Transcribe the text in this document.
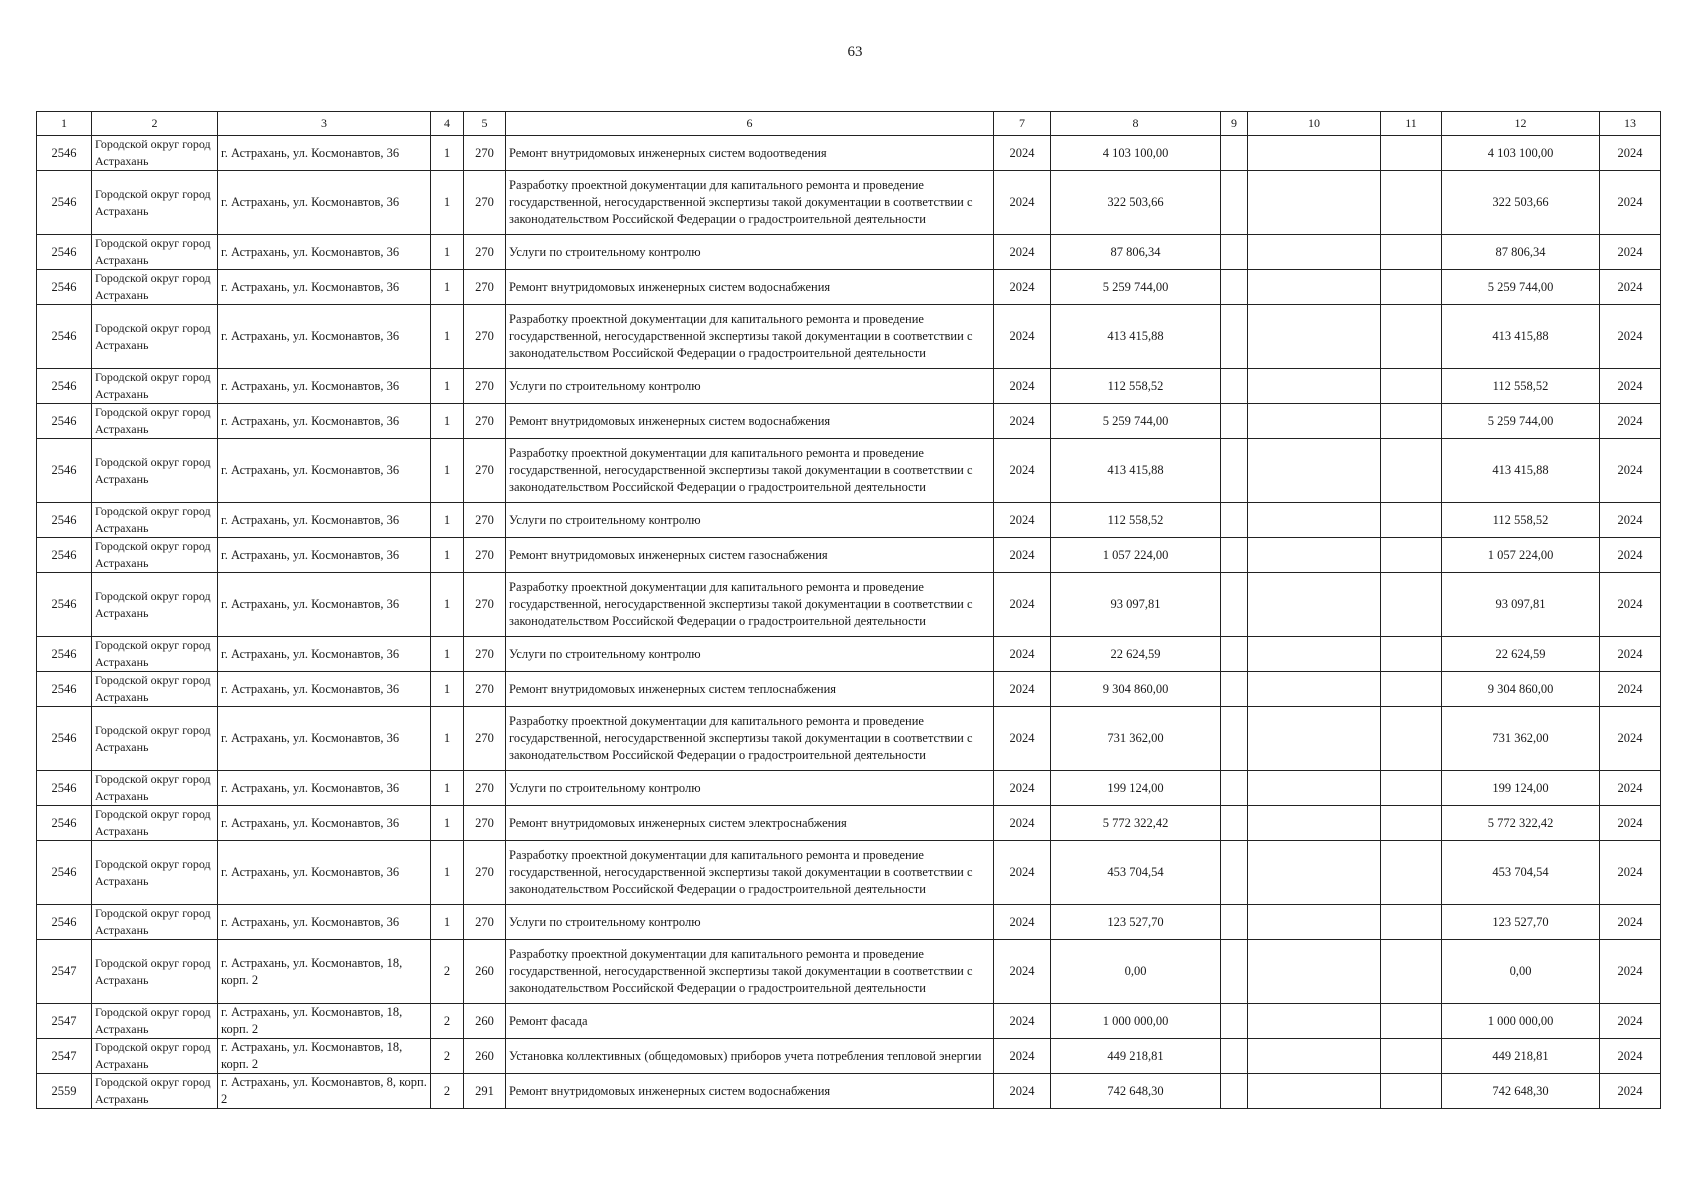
63
1	2	3	4	5	6	7	8	9	10	11	12	13
2546	Городской округ город Астрахань	г. Астрахань, ул. Космонавтов, 36	1	270	Ремонт внутридомовых инженерных систем водоотведения	2024	4 103 100,00				4 103 100,00	2024
2546	Городской округ город Астрахань	г. Астрахань, ул. Космонавтов, 36	1	270	Разработку проектной документации для капитального ремонта и проведение государственной, негосударственной экспертизы такой документации в соответствии с законодательством Российской Федерации о градостроительной деятельности	2024	322 503,66				322 503,66	2024
2546	Городской округ город Астрахань	г. Астрахань, ул. Космонавтов, 36	1	270	Услуги по строительному контролю	2024	87 806,34				87 806,34	2024
2546	Городской округ город Астрахань	г. Астрахань, ул. Космонавтов, 36	1	270	Ремонт внутридомовых инженерных систем водоснабжения	2024	5 259 744,00				5 259 744,00	2024
2546	Городской округ город Астрахань	г. Астрахань, ул. Космонавтов, 36	1	270	Разработку проектной документации для капитального ремонта и проведение государственной, негосударственной экспертизы такой документации в соответствии с законодательством Российской Федерации о градостроительной деятельности	2024	413 415,88				413 415,88	2024
2546	Городской округ город Астрахань	г. Астрахань, ул. Космонавтов, 36	1	270	Услуги по строительному контролю	2024	112 558,52				112 558,52	2024
2546	Городской округ город Астрахань	г. Астрахань, ул. Космонавтов, 36	1	270	Ремонт внутридомовых инженерных систем водоснабжения	2024	5 259 744,00				5 259 744,00	2024
2546	Городской округ город Астрахань	г. Астрахань, ул. Космонавтов, 36	1	270	Разработку проектной документации для капитального ремонта и проведение государственной, негосударственной экспертизы такой документации в соответствии с законодательством Российской Федерации о градостроительной деятельности	2024	413 415,88				413 415,88	2024
2546	Городской округ город Астрахань	г. Астрахань, ул. Космонавтов, 36	1	270	Услуги по строительному контролю	2024	112 558,52				112 558,52	2024
2546	Городской округ город Астрахань	г. Астрахань, ул. Космонавтов, 36	1	270	Ремонт внутридомовых инженерных систем газоснабжения	2024	1 057 224,00				1 057 224,00	2024
2546	Городской округ город Астрахань	г. Астрахань, ул. Космонавтов, 36	1	270	Разработку проектной документации для капитального ремонта и проведение государственной, негосударственной экспертизы такой документации в соответствии с законодательством Российской Федерации о градостроительной деятельности	2024	93 097,81				93 097,81	2024
2546	Городской округ город Астрахань	г. Астрахань, ул. Космонавтов, 36	1	270	Услуги по строительному контролю	2024	22 624,59				22 624,59	2024
2546	Городской округ город Астрахань	г. Астрахань, ул. Космонавтов, 36	1	270	Ремонт внутридомовых инженерных систем теплоснабжения	2024	9 304 860,00				9 304 860,00	2024
2546	Городской округ город Астрахань	г. Астрахань, ул. Космонавтов, 36	1	270	Разработку проектной документации для капитального ремонта и проведение государственной, негосударственной экспертизы такой документации в соответствии с законодательством Российской Федерации о градостроительной деятельности	2024	731 362,00				731 362,00	2024
2546	Городской округ город Астрахань	г. Астрахань, ул. Космонавтов, 36	1	270	Услуги по строительному контролю	2024	199 124,00				199 124,00	2024
2546	Городской округ город Астрахань	г. Астрахань, ул. Космонавтов, 36	1	270	Ремонт внутридомовых инженерных систем электроснабжения	2024	5 772 322,42				5 772 322,42	2024
2546	Городской округ город Астрахань	г. Астрахань, ул. Космонавтов, 36	1	270	Разработку проектной документации для капитального ремонта и проведение государственной, негосударственной экспертизы такой документации в соответствии с законодательством Российской Федерации о градостроительной деятельности	2024	453 704,54				453 704,54	2024
2546	Городской округ город Астрахань	г. Астрахань, ул. Космонавтов, 36	1	270	Услуги по строительному контролю	2024	123 527,70				123 527,70	2024
2547	Городской округ город Астрахань	г. Астрахань, ул. Космонавтов, 18, корп. 2	2	260	Разработку проектной документации для капитального ремонта и проведение государственной, негосударственной экспертизы такой документации в соответствии с законодательством Российской Федерации о градостроительной деятельности	2024	0,00				0,00	2024
2547	Городской округ город Астрахань	г. Астрахань, ул. Космонавтов, 18, корп. 2	2	260	Ремонт фасада	2024	1 000 000,00				1 000 000,00	2024
2547	Городской округ город Астрахань	г. Астрахань, ул. Космонавтов, 18, корп. 2	2	260	Установка коллективных (общедомовых) приборов учета потребления тепловой энергии	2024	449 218,81				449 218,81	2024
2559	Городской округ город Астрахань	г. Астрахань, ул. Космонавтов, 8, корп. 2	2	291	Ремонт внутридомовых инженерных систем водоснабжения	2024	742 648,30				742 648,30	2024
